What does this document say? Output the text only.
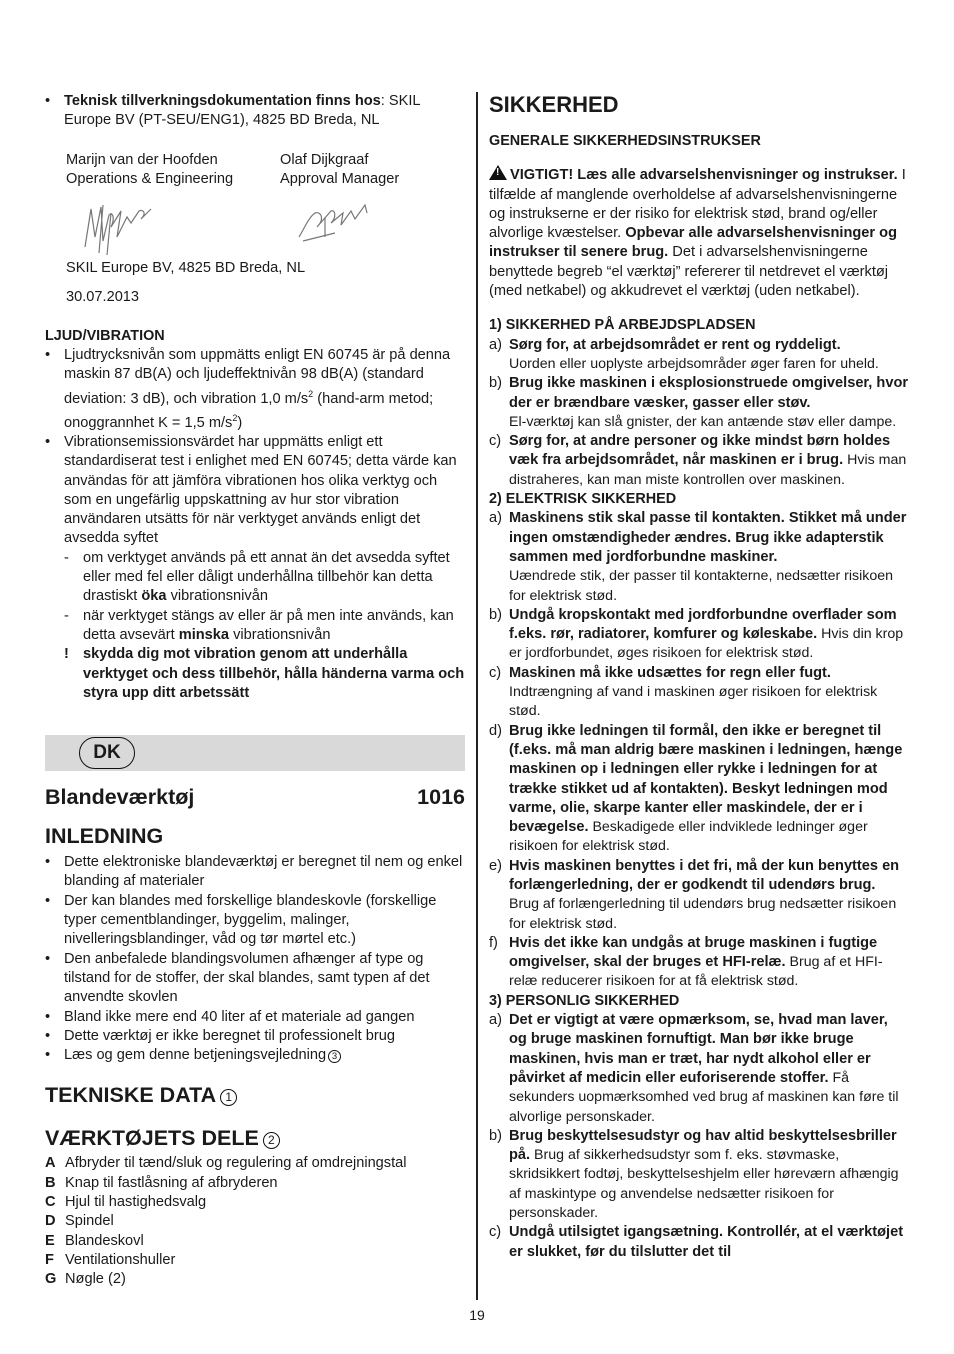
• Teknisk tillverkningsdokumentation finns hos: SKIL Europe BV (PT-SEU/ENG1), 4825 BD Breda, NL
Marijn van der Hoofden
Operations & Engineering
Olaf Dijkgraaf
Approval Manager
SKIL Europe BV, 4825 BD Breda, NL
30.07.2013
LJUD/VIBRATION
• Ljudtrycksnivån som uppmätts enligt EN 60745 är på denna maskin 87 dB(A) och ljudeffektnivån 98 dB(A) (standard deviation: 3 dB), och vibration 1,0 $m/s^2$ (hand-arm metod; onoggrannhet K = 1,5 $m/s^2$)
• Vibrationsemissionsvärdet har uppmätts enligt ett standardiserat test i enlighet med EN 60745; detta värde kan användas för att jämföra vibrationen hos olika verktyg och som en ungefärlig uppskattning av hur stor vibration användaren utsätts för när verktyget används enligt det avsedda syftet
- om verktyget används på ett annat än det avsedda syftet eller med fel eller dåligt underhållna tillbehör kan detta drastiskt öka vibrationsnivån
- när verktyget stängs av eller är på men inte används, kan detta avsevärt minska vibrationsnivån
! skydda dig mot vibration genom att underhålla verktyget och dess tillbehör, hålla händerna varma och styra upp ditt arbetssätt
DK
Blandeværktøj	1016
INLEDNING
• Dette elektroniske blandeværktøj er beregnet til nem og enkel blanding af materialer
• Der kan blandes med forskellige blandeskovle (forskellige typer cementblandinger, byggelim, malinger, nivelleringsblandinger, våd og tør mørtel etc.)
• Den anbefalede blandingsvolumen afhænger af type og tilstand for de stoffer, der skal blandes, samt typen af det anvendte skovlen
• Bland ikke mere end 40 liter af et materiale ad gangen
• Dette værktøj er ikke beregnet til professionelt brug
• Læs og gem denne betjeningsvejledning 3
TEKNISKE DATA 1
VÆRKTØJETS DELE 2
A Afbryder til tænd/sluk og regulering af omdrejningstal
B Knap til fastlåsning af afbryderen
C Hjul til hastighedsvalg
D Spindel
E Blandeskovl
F Ventilationshuller
G Nøgle (2)
SIKKERHED
GENERALE SIKKERHEDSINSTRUKSER
!VIGTIGT! Læs alle advarselshenvisninger og instrukser. I tilfælde af manglende overholdelse af advarselshenvisningerne og instrukserne er der risiko for elektrisk stød, brand og/eller alvorlige kvæstelser. Opbevar alle advarselshenvisninger og instrukser til senere brug. Det i advarselshenvisningerne benyttede begreb “el værktøj” refererer til netdrevet el værktøj (med netkabel) og akkudrevet el værktøj (uden netkabel).
1) SIKKERHED PÅ ARBEJDSPLADSEN
a) Sørg for, at arbejdsområdet er rent og ryddeligt.
Uorden eller uoplyste arbejdsområder øger faren for uheld.
b) Brug ikke maskinen i eksplosionstruede omgivelser, hvor der er brændbare væsker, gasser eller støv.
El-værktøj kan slå gnister, der kan antænde støv eller dampe.
c) Sørg for, at andre personer og ikke mindst børn holdes væk fra arbejdsområdet, når maskinen er i brug. Hvis man distraheres, kan man miste kontrollen over maskinen.
2) ELEKTRISK SIKKERHED
a) Maskinens stik skal passe til kontakten. Stikket må under ingen omstændigheder ændres. Brug ikke adapterstik sammen med jordforbundne maskiner.
Uændrede stik, der passer til kontakterne, nedsætter risikoen for elektrisk stød.
b) Undgå kropskontakt med jordforbundne overflader som f.eks. rør, radiatorer, komfurer og køleskabe. Hvis din krop er jordforbundet, øges risikoen for elektrisk stød.
c) Maskinen må ikke udsættes for regn eller fugt.
Indtrængning af vand i maskinen øger risikoen for elektrisk stød.
d) Brug ikke ledningen til formål, den ikke er beregnet til (f.eks. må man aldrig bære maskinen i ledningen, hænge maskinen op i ledningen eller rykke i ledningen for at trække stikket ud af kontakten). Beskyt ledningen mod varme, olie, skarpe kanter eller maskindele, der er i bevægelse. Beskadigede eller indviklede ledninger øger risikoen for elektrisk stød.
e) Hvis maskinen benyttes i det fri, må der kun benyttes en forlængerledning, der er godkendt til udendørs brug. Brug af forlængerledning til udendørs brug nedsætter risikoen for elektrisk stød.
f) Hvis det ikke kan undgås at bruge maskinen i fugtige omgivelser, skal der bruges et HFI-relæ. Brug af et HFI-relæ reducerer risikoen for at få elektrisk stød.
3) PERSONLIG SIKKERHED
a) Det er vigtigt at være opmærksom, se, hvad man laver, og bruge maskinen fornuftigt. Man bør ikke bruge maskinen, hvis man er træt, har nydt alkohol eller er påvirket af medicin eller euforiserende stoffer. Få sekunders uopmærksomhed ved brug af maskinen kan føre til alvorlige personskader.
b) Brug beskyttelsesudstyr og hav altid beskyttelsesbriller på. Brug af sikkerhedsudstyr som f. eks. støvmaske, skridsikkert fodtøj, beskyttelseshjelm eller høreværn afhængig af maskintype og anvendelse nedsætter risikoen for personskader.
c) Undgå utilsigtet igangsætning. Kontrollér, at el værktøjet er slukket, før du tilslutter det til
19
